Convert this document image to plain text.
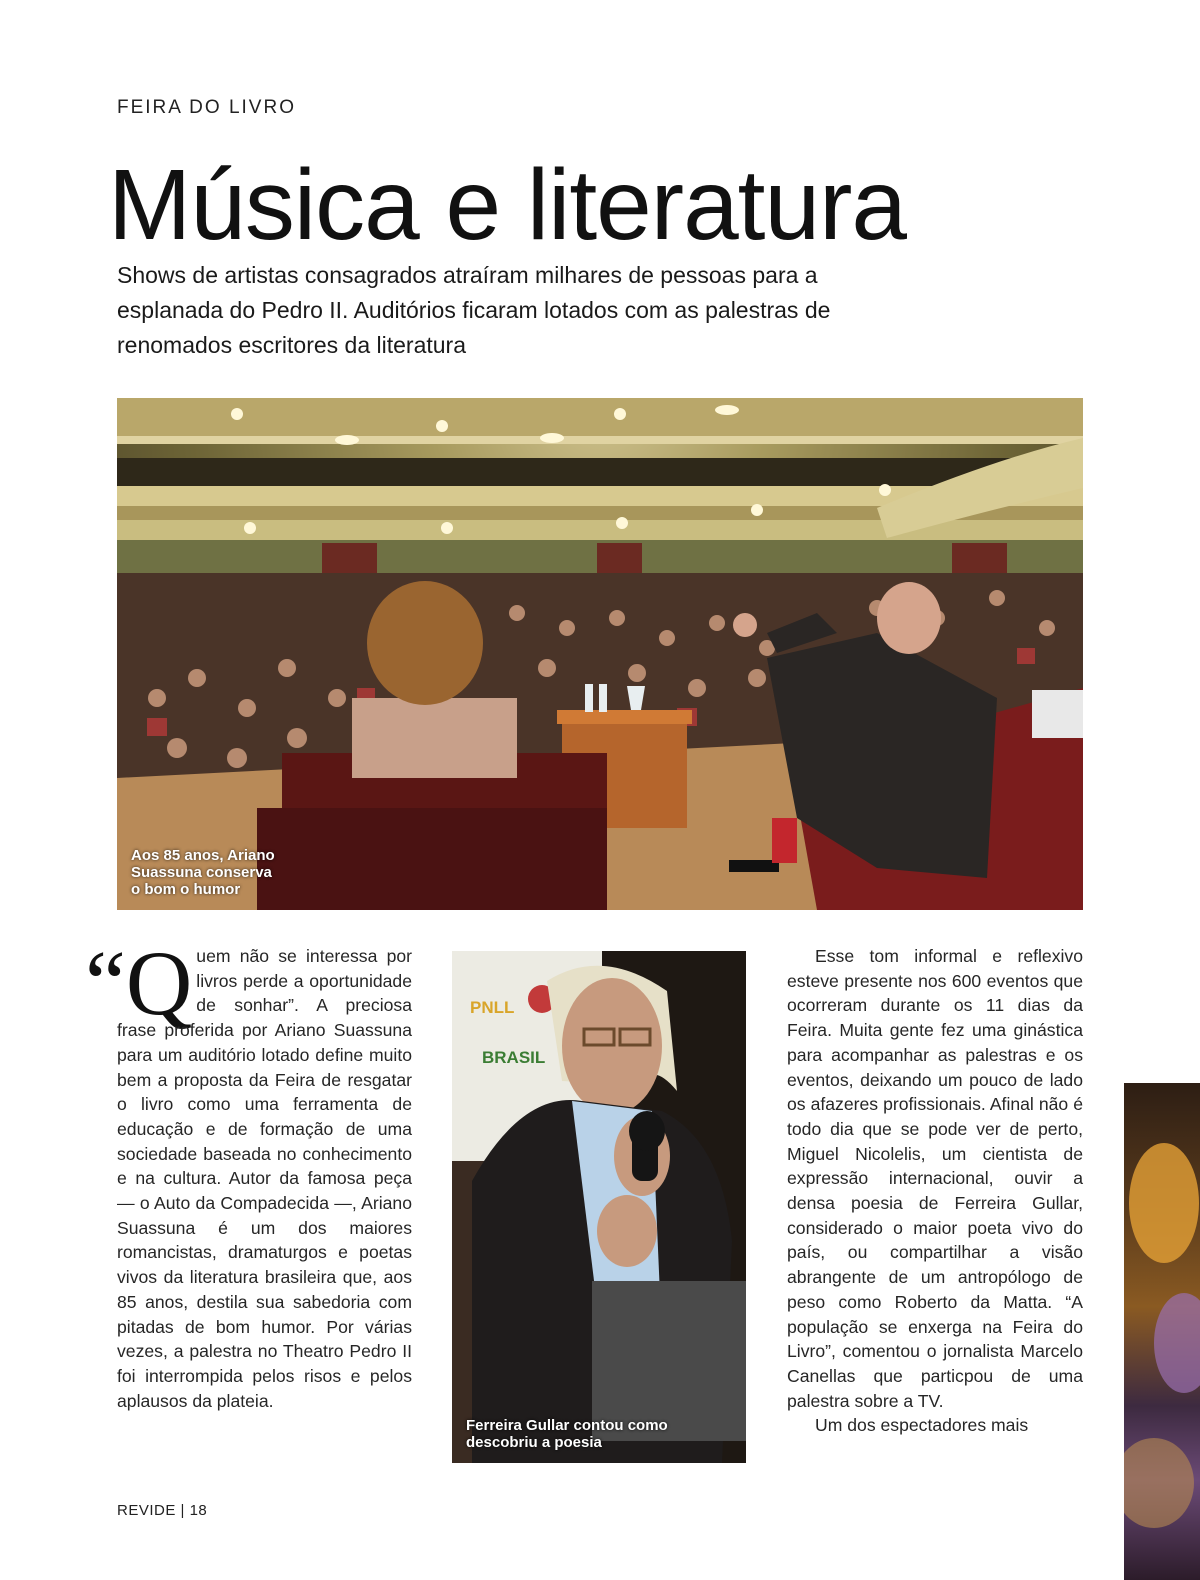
FEIRA DO LIVRO
Música e literatura

Shows de artistas consagrados atraíram milhares de pessoas para a esplanada do Pedro II. Auditórios ficaram lotados com as palestras de renomados escritores da literatura

Aos 85 anos, Ariano Suassuna conserva o bom o humor
“Q uem não se interessa por livros perde a oportunidade de sonhar”. A preciosa frase proferida por Ariano Suassuna para um auditório lotado define muito bem a proposta da Feira de resgatar o livro como uma ferramenta de educação e de formação de uma sociedade baseada no conhecimento e na cultura. Autor da famosa peça — o Auto da Compadecida —, Ariano Suassuna é um dos maiores romancistas, dramaturgos e poetas vivos da literatura brasileira que, aos 85 anos, destila sua sabedoria com pitadas de bom humor. Por várias vezes, a palestra no Theatro Pedro II foi interrompida pelos risos e pelos aplausos da plateia.
PNLL
BRASIL
Ferreira Gullar contou como descobriu a poesia
Esse tom informal e reflexivo esteve presente nos 600 eventos que ocorreram durante os 11 dias da Feira. Muita gente fez uma ginástica para acompanhar as palestras e os eventos, deixando um pouco de lado os afazeres profissionais. Afinal não é todo dia que se pode ver de perto, Miguel Nicolelis, um cientista de expressão internacional, ouvir a densa poesia de Ferreira Gullar, considerado o maior poeta vivo do país, ou compartilhar a visão abrangente de um antropólogo de peso como Roberto da Matta. “A população se enxerga na Feira do Livro”, comentou o jornalista Marcelo Canellas que particpou de uma palestra sobre a TV.
Um dos espectadores mais
REVIDE | 18
